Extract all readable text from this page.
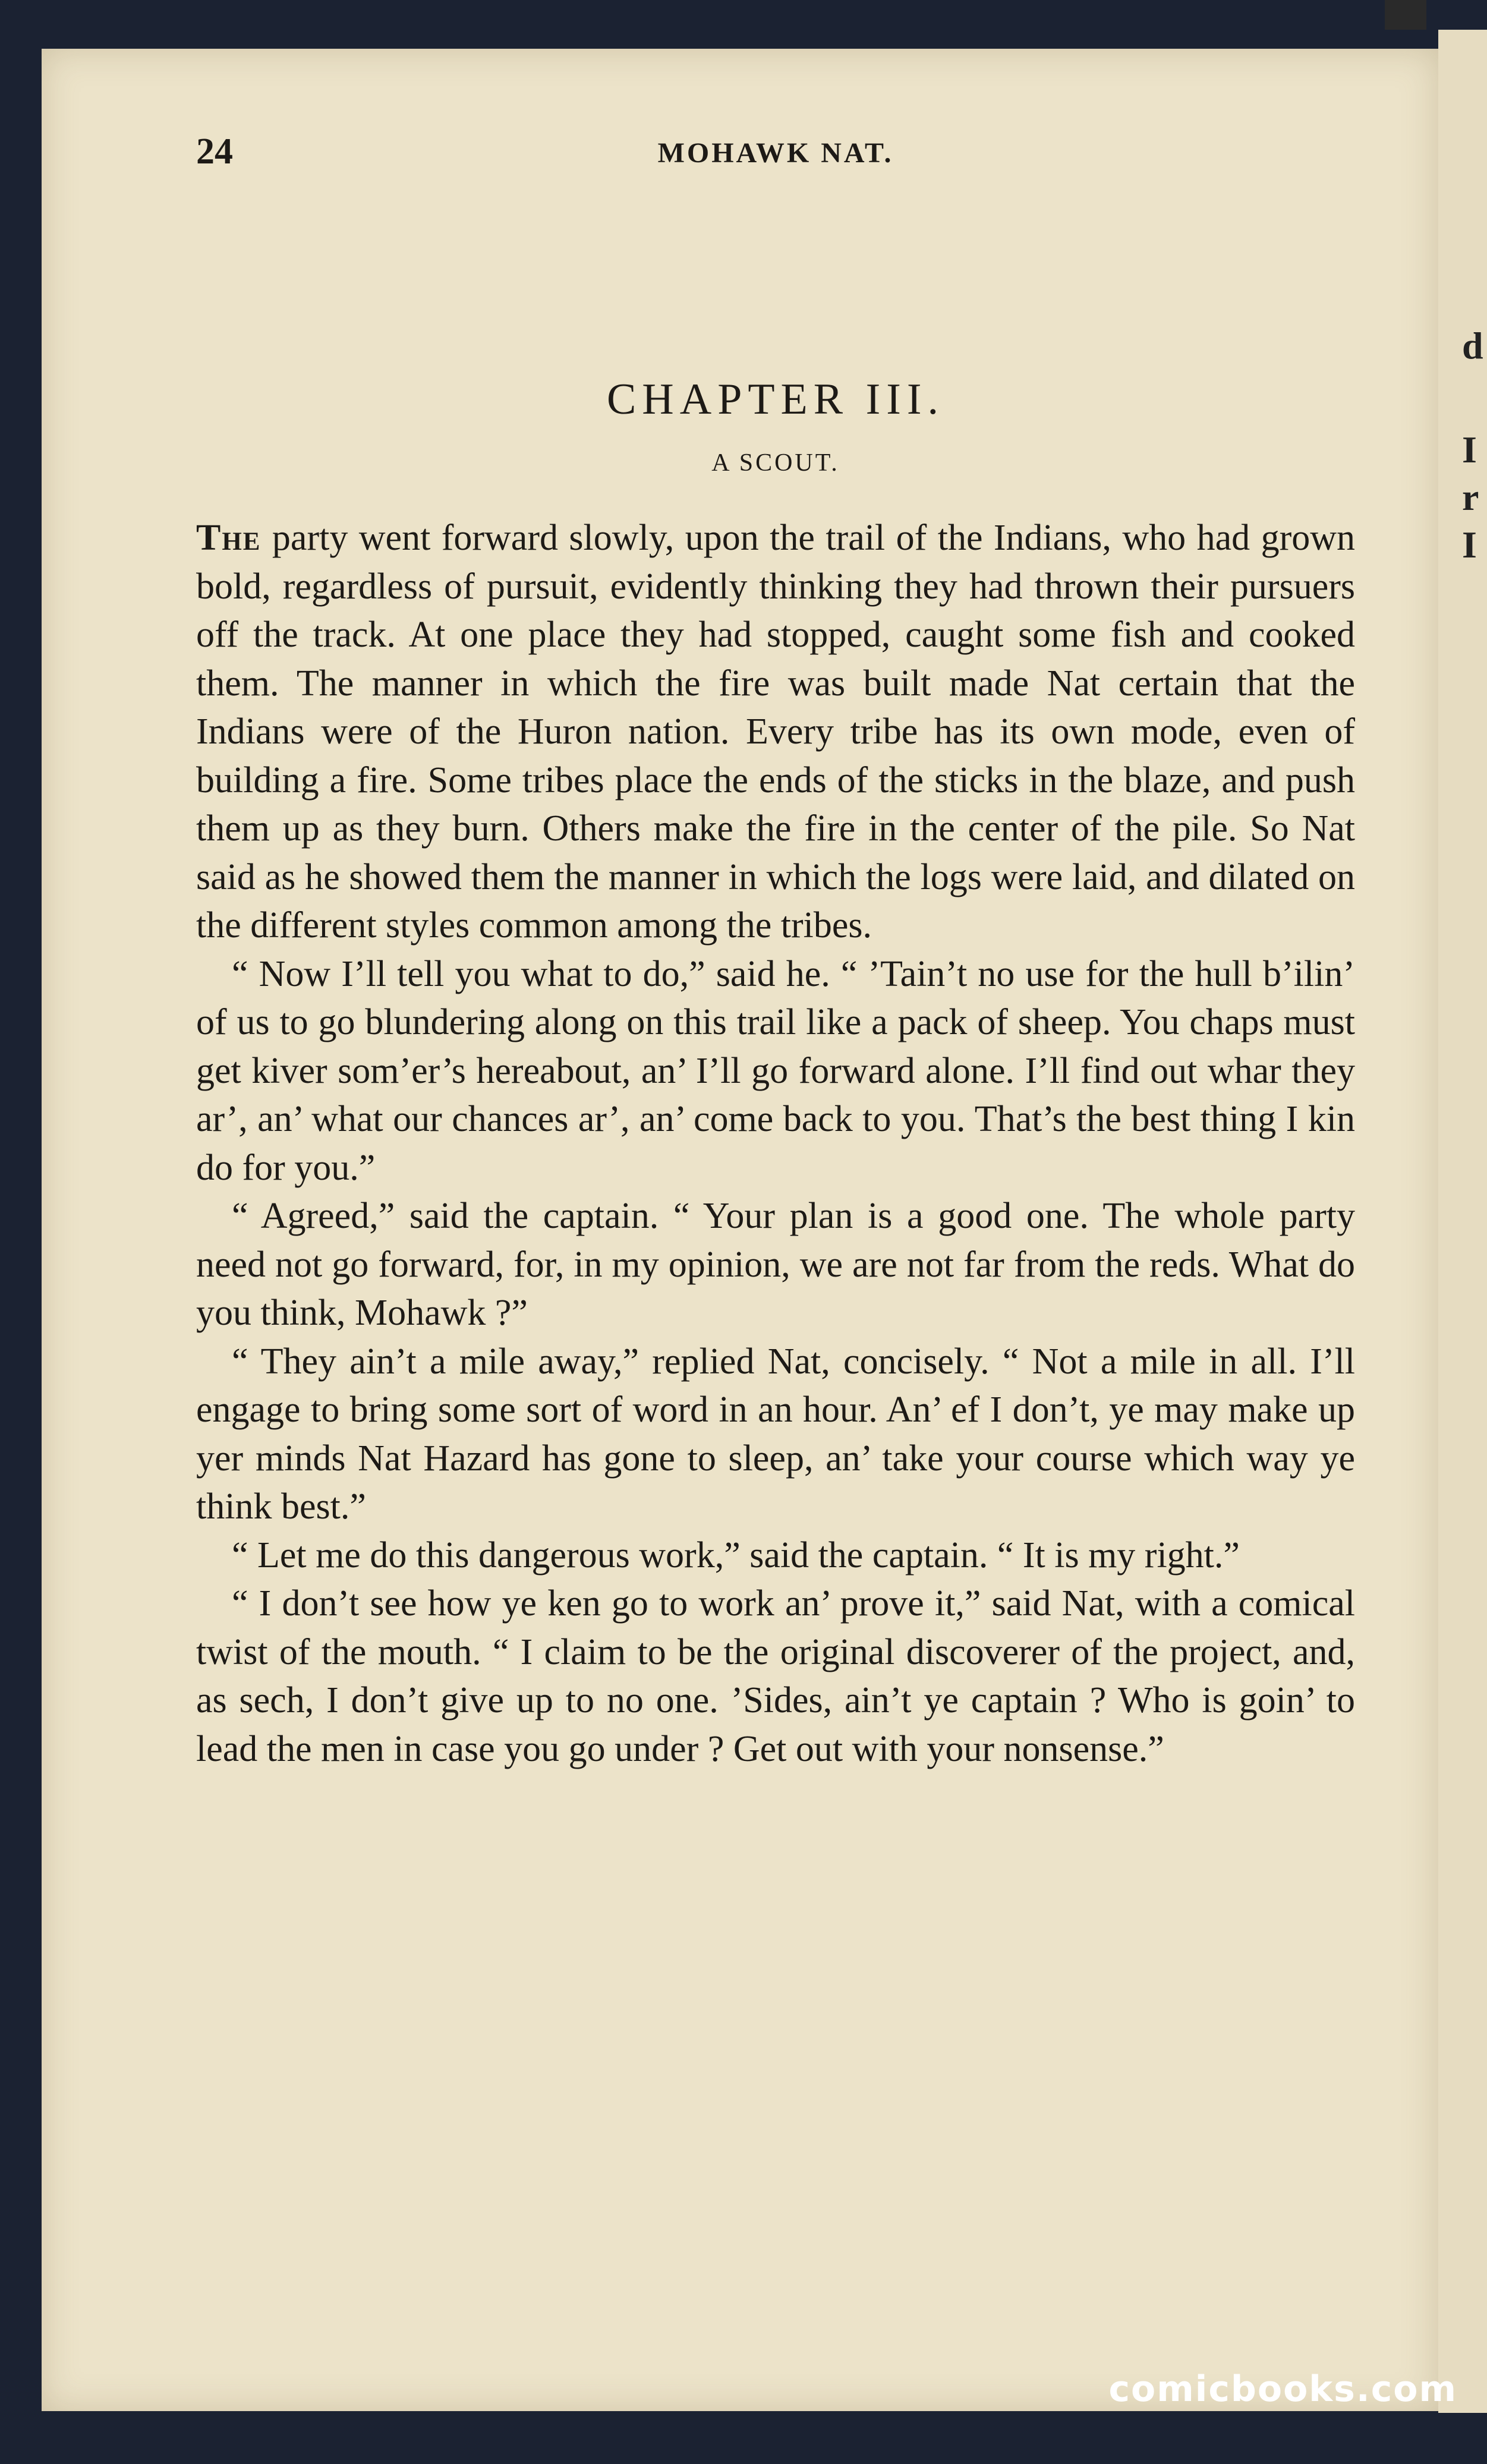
d
I
r
I
24	MOHAWK NAT.
CHAPTER III.
A SCOUT.

The party went forward slowly, upon the trail of the Indians, who had grown bold, regardless of pursuit, evidently thinking they had thrown their pursuers off the track. At one place they had stopped, caught some fish and cooked them. The manner in which the fire was built made Nat certain that the Indians were of the Huron nation. Every tribe has its own mode, even of building a fire. Some tribes place the ends of the sticks in the blaze, and push them up as they burn. Others make the fire in the center of the pile. So Nat said as he showed them the manner in which the logs were laid, and dilated on the different styles common among the tribes.

“ Now I’ll tell you what to do,” said he. “ ’Tain’t no use for the hull b’ilin’ of us to go blundering along on this trail like a pack of sheep. You chaps must get kiver som’er’s hereabout, an’ I’ll go forward alone. I’ll find out whar they ar’, an’ what our chances ar’, an’ come back to you. That’s the best thing I kin do for you.”

“ Agreed,” said the captain. “ Your plan is a good one. The whole party need not go forward, for, in my opinion, we are not far from the reds. What do you think, Mohawk ?”

“ They ain’t a mile away,” replied Nat, concisely. “ Not a mile in all. I’ll engage to bring some sort of word in an hour. An’ ef I don’t, ye may make up yer minds Nat Hazard has gone to sleep, an’ take your course which way ye think best.”

“ Let me do this dangerous work,” said the captain. “ It is my right.”

“ I don’t see how ye ken go to work an’ prove it,” said Nat, with a comical twist of the mouth. “ I claim to be the original discoverer of the project, and, as sech, I don’t give up to no one. ’Sides, ain’t ye captain ? Who is goin’ to lead the men in case you go under ? Get out with your nonsense.”

comicbooks.com
